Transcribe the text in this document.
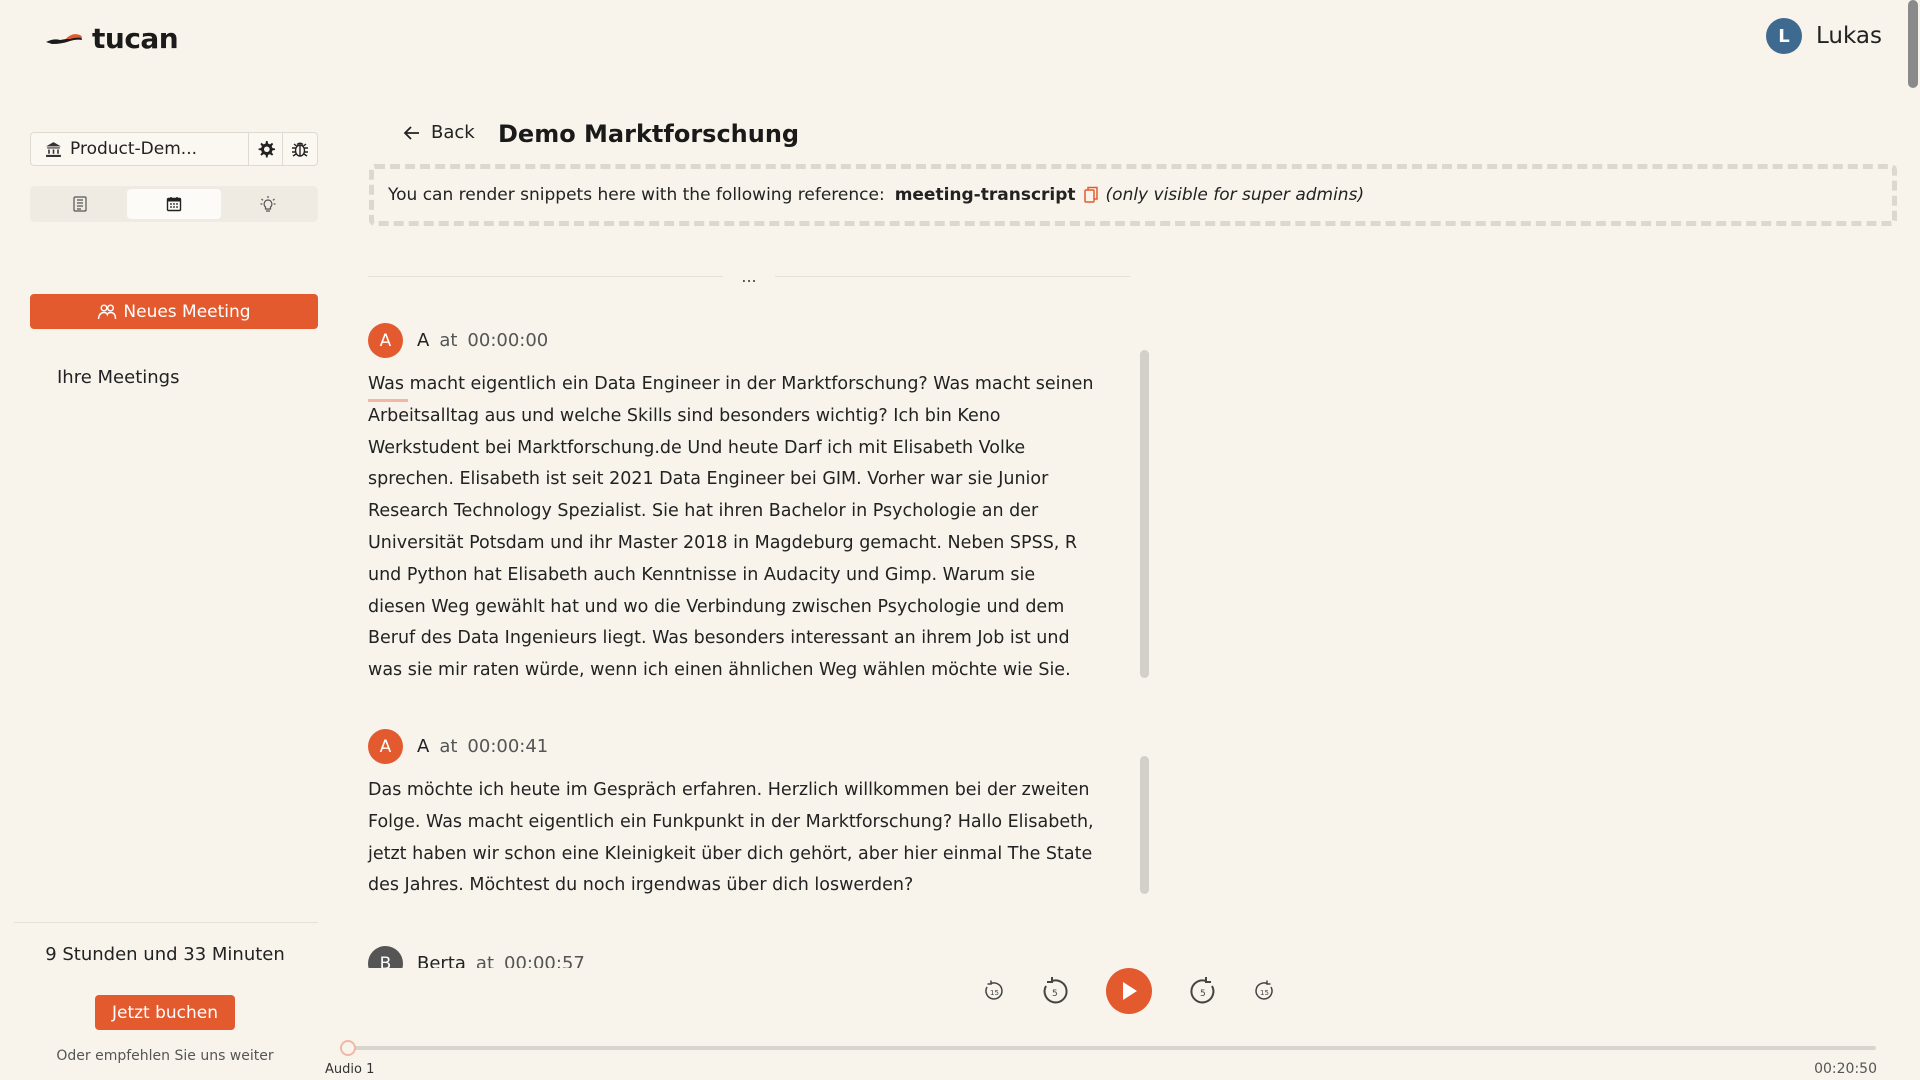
tucan	L	Lukas
Product-Dem...
Neues Meeting
Ihre Meetings
9 Stunden und 33 Minuten
Jetzt buchen
Oder empfehlen Sie uns weiter
Back Demo Marktforschung
You can render snippets here with the following reference: meeting-transcript (only visible for super admins)
...
A	A at 00:00:00
Was macht eigentlich ein Data Engineer in der Marktforschung? Was macht seinen Arbeitsalltag aus und welche Skills sind besonders wichtig? Ich bin Keno Werkstudent bei Marktforschung.de Und heute Darf ich mit Elisabeth Volke sprechen. Elisabeth ist seit 2021 Data Engineer bei GIM. Vorher war sie Junior Research Technology Spezialist. Sie hat ihren Bachelor in Psychologie an der Universität Potsdam und ihr Master 2018 in Magdeburg gemacht. Neben SPSS, R und Python hat Elisabeth auch Kenntnisse in Audacity und Gimp. Warum sie diesen Weg gewählt hat und wo die Verbindung zwischen Psychologie und dem Beruf des Data Ingenieurs liegt. Was besonders interessant an ihrem Job ist und was sie mir raten würde, wenn ich einen ähnlichen Weg wählen möchte wie Sie.
A	A at 00:00:41
Das möchte ich heute im Gespräch erfahren. Herzlich willkommen bei der zweiten Folge. Was macht eigentlich ein Funkpunkt in der Marktforschung? Hallo Elisabeth, jetzt haben wir schon eine Kleinigkeit über dich gehört, aber hier einmal The State des Jahres. Möchtest du noch irgendwas über dich loswerden?
B	Berta at 00:00:57
15	5	5	15
Audio 1	00:20:50
